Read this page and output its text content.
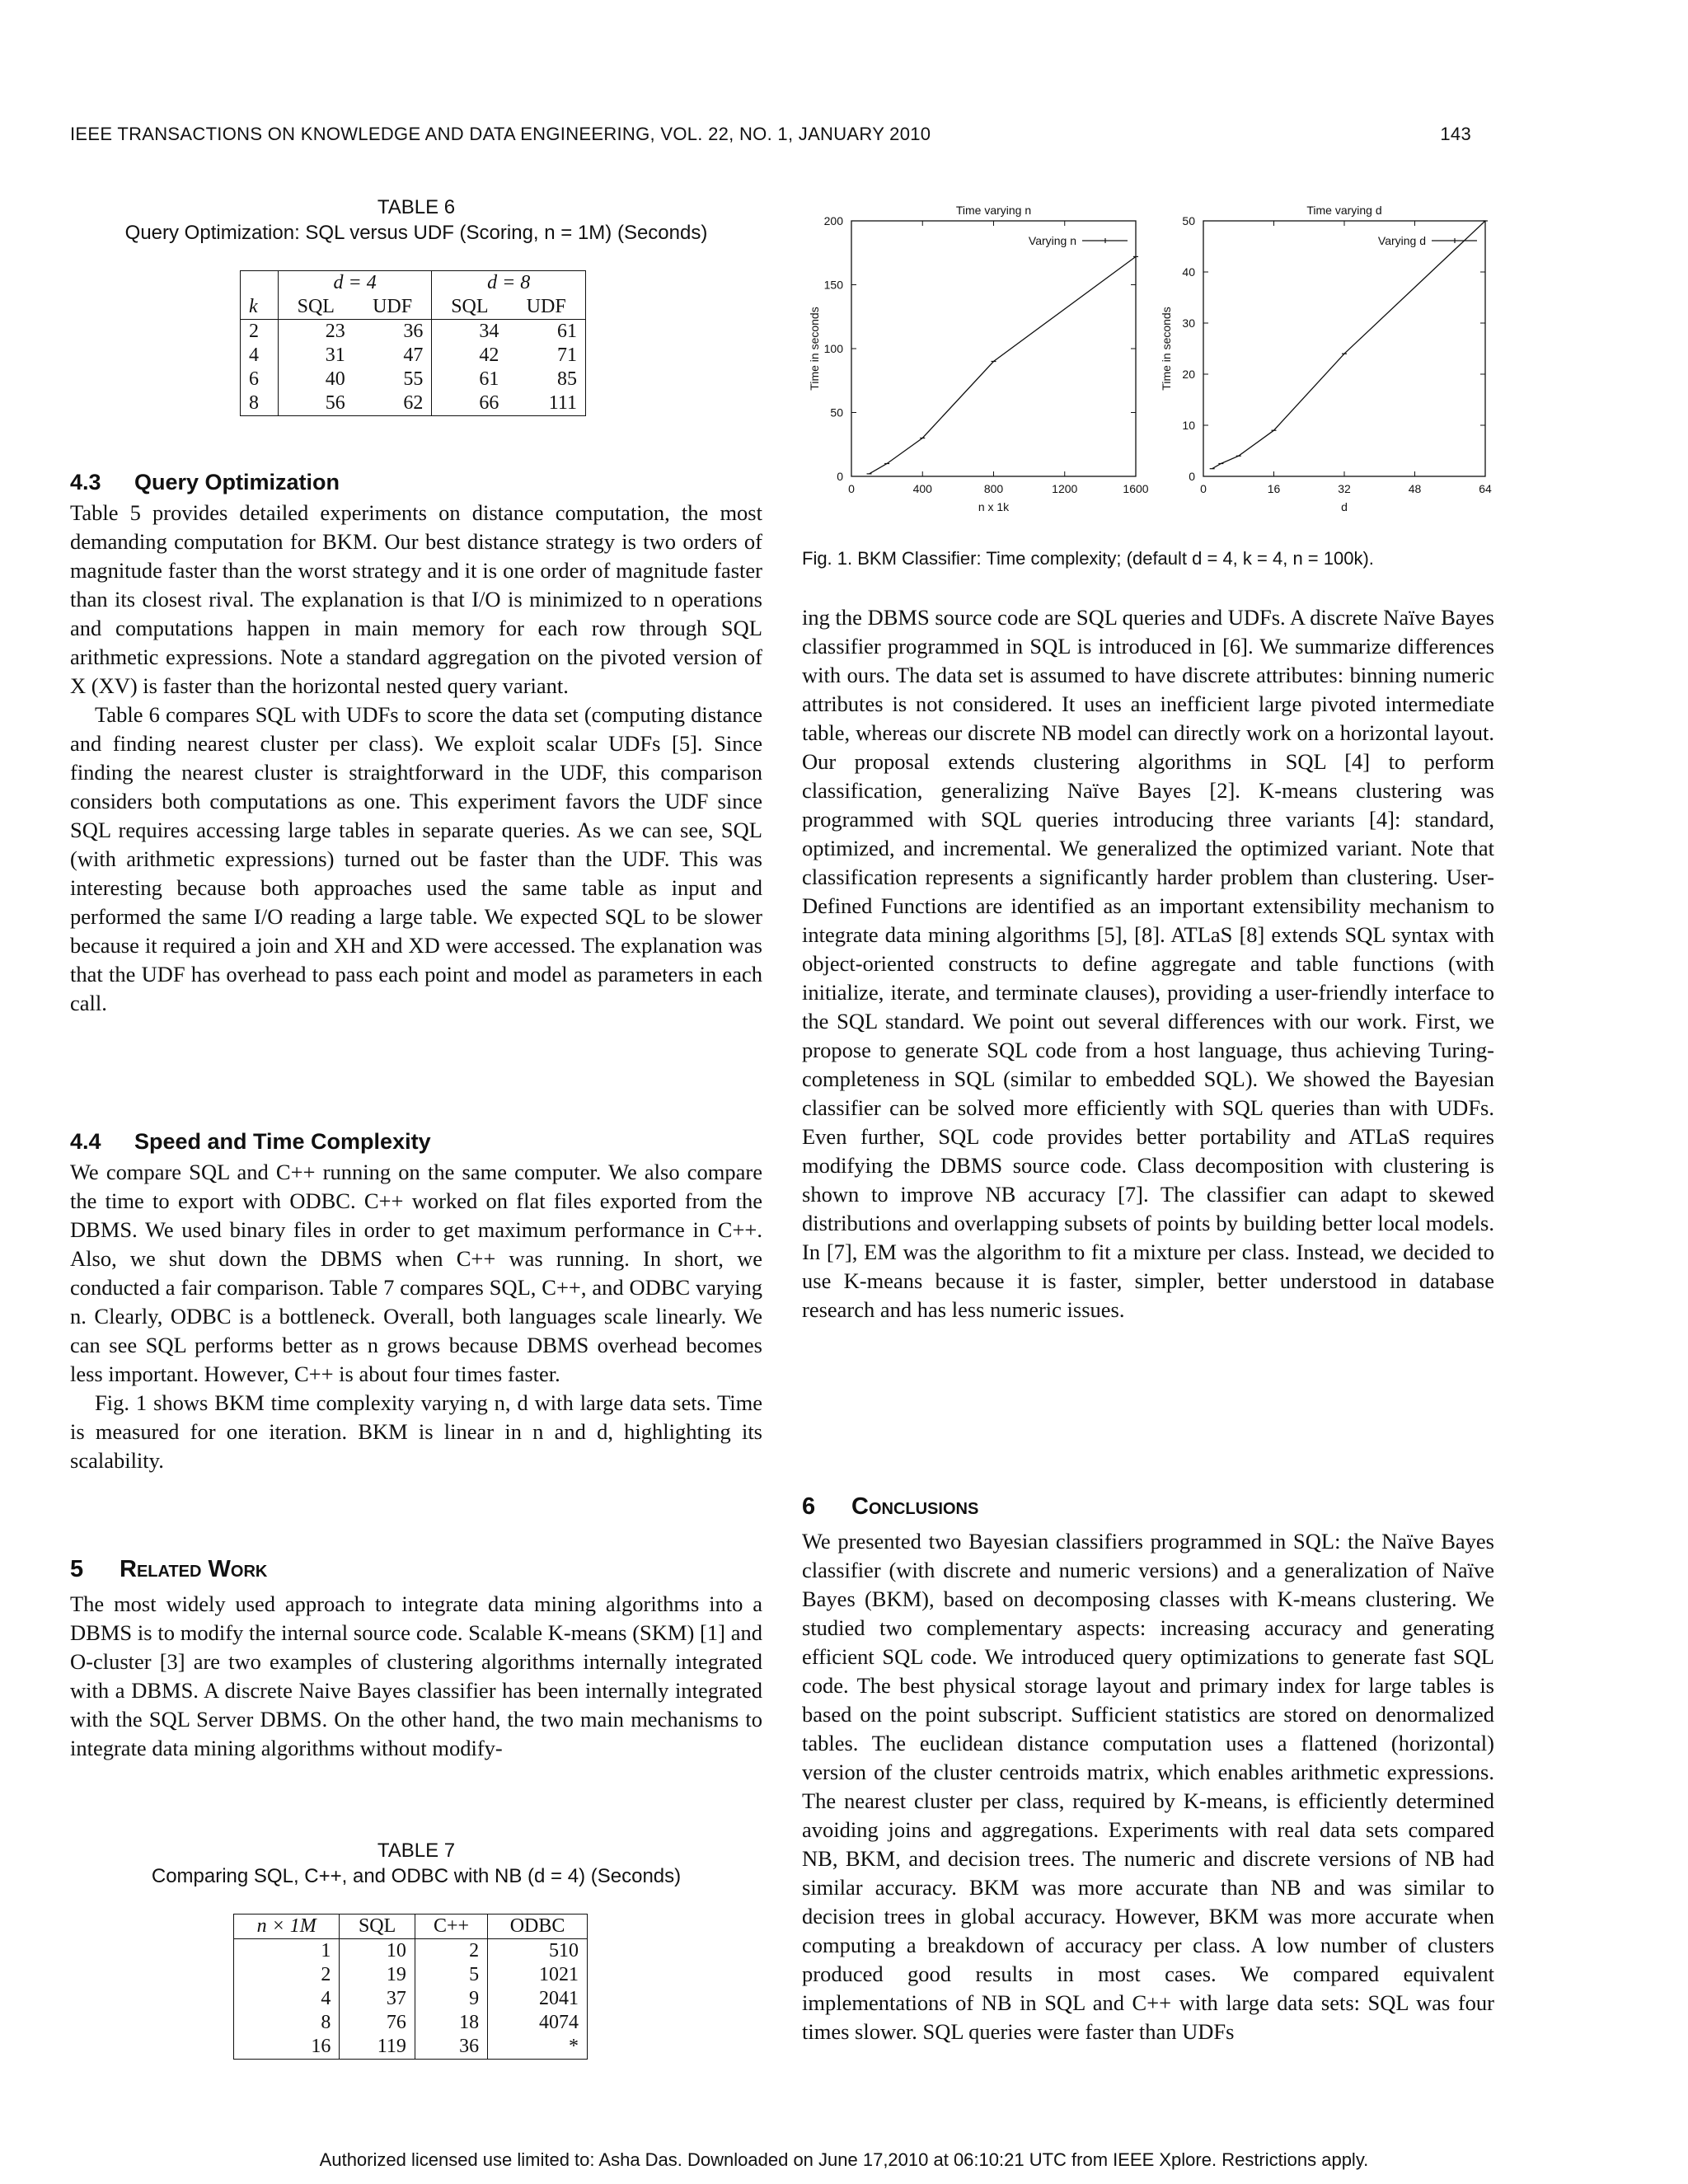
IEEE TRANSACTIONS ON KNOWLEDGE AND DATA ENGINEERING, VOL. 22, NO. 1, JANUARY 2010	143
TABLE 6
Query Optimization: SQL versus UDF (Scoring, n = 1M) (Seconds)
	d = 4		d = 8	
k	SQL	UDF	SQL	UDF
2	23	36	34	61
4	31	47	42	71
6	40	55	61	85
8	56	62	66	111

4.3 Query Optimization

Table 5 provides detailed experiments on distance computation, the most demanding computation for BKM. Our best distance strategy is two orders of magnitude faster than the worst strategy and it is one order of magnitude faster than its closest rival. The explanation is that I/O is minimized to n operations and computations happen in main memory for each row through SQL arithmetic expressions. Note a standard aggregation on the pivoted version of X (XV) is faster than the horizontal nested query variant.

Table 6 compares SQL with UDFs to score the data set (computing distance and finding nearest cluster per class). We exploit scalar UDFs [5]. Since finding the nearest cluster is straightforward in the UDF, this comparison considers both computations as one. This experiment favors the UDF since SQL requires accessing large tables in separate queries. As we can see, SQL (with arithmetic expressions) turned out be faster than the UDF. This was interesting because both approaches used the same table as input and performed the same I/O reading a large table. We expected SQL to be slower because it required a join and XH and XD were accessed. The explanation was that the UDF has overhead to pass each point and model as parameters in each call.

4.4 Speed and Time Complexity

We compare SQL and C++ running on the same computer. We also compare the time to export with ODBC. C++ worked on flat files exported from the DBMS. We used binary files in order to get maximum performance in C++. Also, we shut down the DBMS when C++ was running. In short, we conducted a fair comparison. Table 7 compares SQL, C++, and ODBC varying n. Clearly, ODBC is a bottleneck. Overall, both languages scale linearly. We can see SQL performs better as n grows because DBMS overhead becomes less important. However, C++ is about four times faster.

Fig. 1 shows BKM time complexity varying n, d with large data sets. Time is measured for one iteration. BKM is linear in n and d, highlighting its scalability.

5 Related Work

The most widely used approach to integrate data mining algorithms into a DBMS is to modify the internal source code. Scalable K-means (SKM) [1] and O-cluster [3] are two examples of clustering algorithms internally integrated with a DBMS. A discrete Naive Bayes classifier has been internally integrated with the SQL Server DBMS. On the other hand, the two main mechanisms to integrate data mining algorithms without modify-

TABLE 7
Comparing SQL, C++, and ODBC with NB (d = 4) (Seconds)
n × 1M	SQL	C++	ODBC
1	10	2	510
2	19	5	1021
4	37	9	2041
8	76	18	4074
16	119	36	*
Time varying n
0	400	800	1200	1600
0
50
100
150
200
n x 1k
Time in seconds
Varying n
Time varying d
0	16	32	48	64
0
10
20
30
40
50
d
Time in seconds
Varying d
Fig. 1. BKM Classifier: Time complexity; (default d = 4, k = 4, n = 100k).

ing the DBMS source code are SQL queries and UDFs. A discrete Naïve Bayes classifier programmed in SQL is introduced in [6]. We summarize differences with ours. The data set is assumed to have discrete attributes: binning numeric attributes is not considered. It uses an inefficient large pivoted intermediate table, whereas our discrete NB model can directly work on a horizontal layout. Our proposal extends clustering algorithms in SQL [4] to perform classification, generalizing Naïve Bayes [2]. K-means clustering was programmed with SQL queries introducing three variants [4]: standard, optimized, and incremental. We generalized the optimized variant. Note that classification represents a significantly harder problem than clustering. User-Defined Functions are identified as an important extensibility mechanism to integrate data mining algorithms [5], [8]. ATLaS [8] extends SQL syntax with object-oriented constructs to define aggregate and table functions (with initialize, iterate, and terminate clauses), providing a user-friendly interface to the SQL standard. We point out several differences with our work. First, we propose to generate SQL code from a host language, thus achieving Turing-completeness in SQL (similar to embedded SQL). We showed the Bayesian classifier can be solved more efficiently with SQL queries than with UDFs. Even further, SQL code provides better portability and ATLaS requires modifying the DBMS source code. Class decomposition with clustering is shown to improve NB accuracy [7]. The classifier can adapt to skewed distributions and overlapping subsets of points by building better local models. In [7], EM was the algorithm to fit a mixture per class. Instead, we decided to use K-means because it is faster, simpler, better understood in database research and has less numeric issues.

6 Conclusions

We presented two Bayesian classifiers programmed in SQL: the Naïve Bayes classifier (with discrete and numeric versions) and a generalization of Naïve Bayes (BKM), based on decomposing classes with K-means clustering. We studied two complementary aspects: increasing accuracy and generating efficient SQL code. We introduced query optimizations to generate fast SQL code. The best physical storage layout and primary index for large tables is based on the point subscript. Sufficient statistics are stored on denormalized tables. The euclidean distance computation uses a flattened (horizontal) version of the cluster centroids matrix, which enables arithmetic expressions. The nearest cluster per class, required by K-means, is efficiently determined avoiding joins and aggregations. Experiments with real data sets compared NB, BKM, and decision trees. The numeric and discrete versions of NB had similar accuracy. BKM was more accurate than NB and was similar to decision trees in global accuracy. However, BKM was more accurate when computing a breakdown of accuracy per class. A low number of clusters produced good results in most cases. We compared equivalent implementations of NB in SQL and C++ with large data sets: SQL was four times slower. SQL queries were faster than UDFs

Authorized licensed use limited to: Asha Das. Downloaded on June 17,2010 at 06:10:21 UTC from IEEE Xplore. Restrictions apply.
